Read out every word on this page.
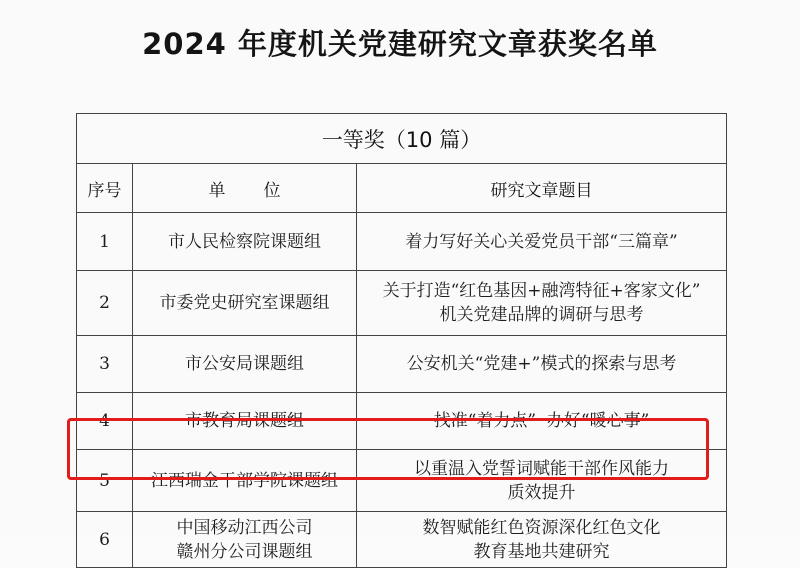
2024 年度机关党建研究文章获奖名单
一等奖（10 篇）		
序号	单位	研究文章题目
1	市人民检察院课题组	着力写好关心关爱党员干部“三篇章”

2	市委党史研究室课题组	关于打造“红色基因+融湾特征+客家文化”
机关党建品牌的调研与思考

3	市公安局课题组	公安机关“党建+”模式的探索与思考

4	市教育局课题组	找准“着力点”  办好“暖心事”

5	江西瑞金干部学院课题组	以重温入党誓词赋能干部作风能力
质效提升

6	中国移动江西公司
赣州分公司课题组	数智赋能红色资源深化红色文化
教育基地共建研究
